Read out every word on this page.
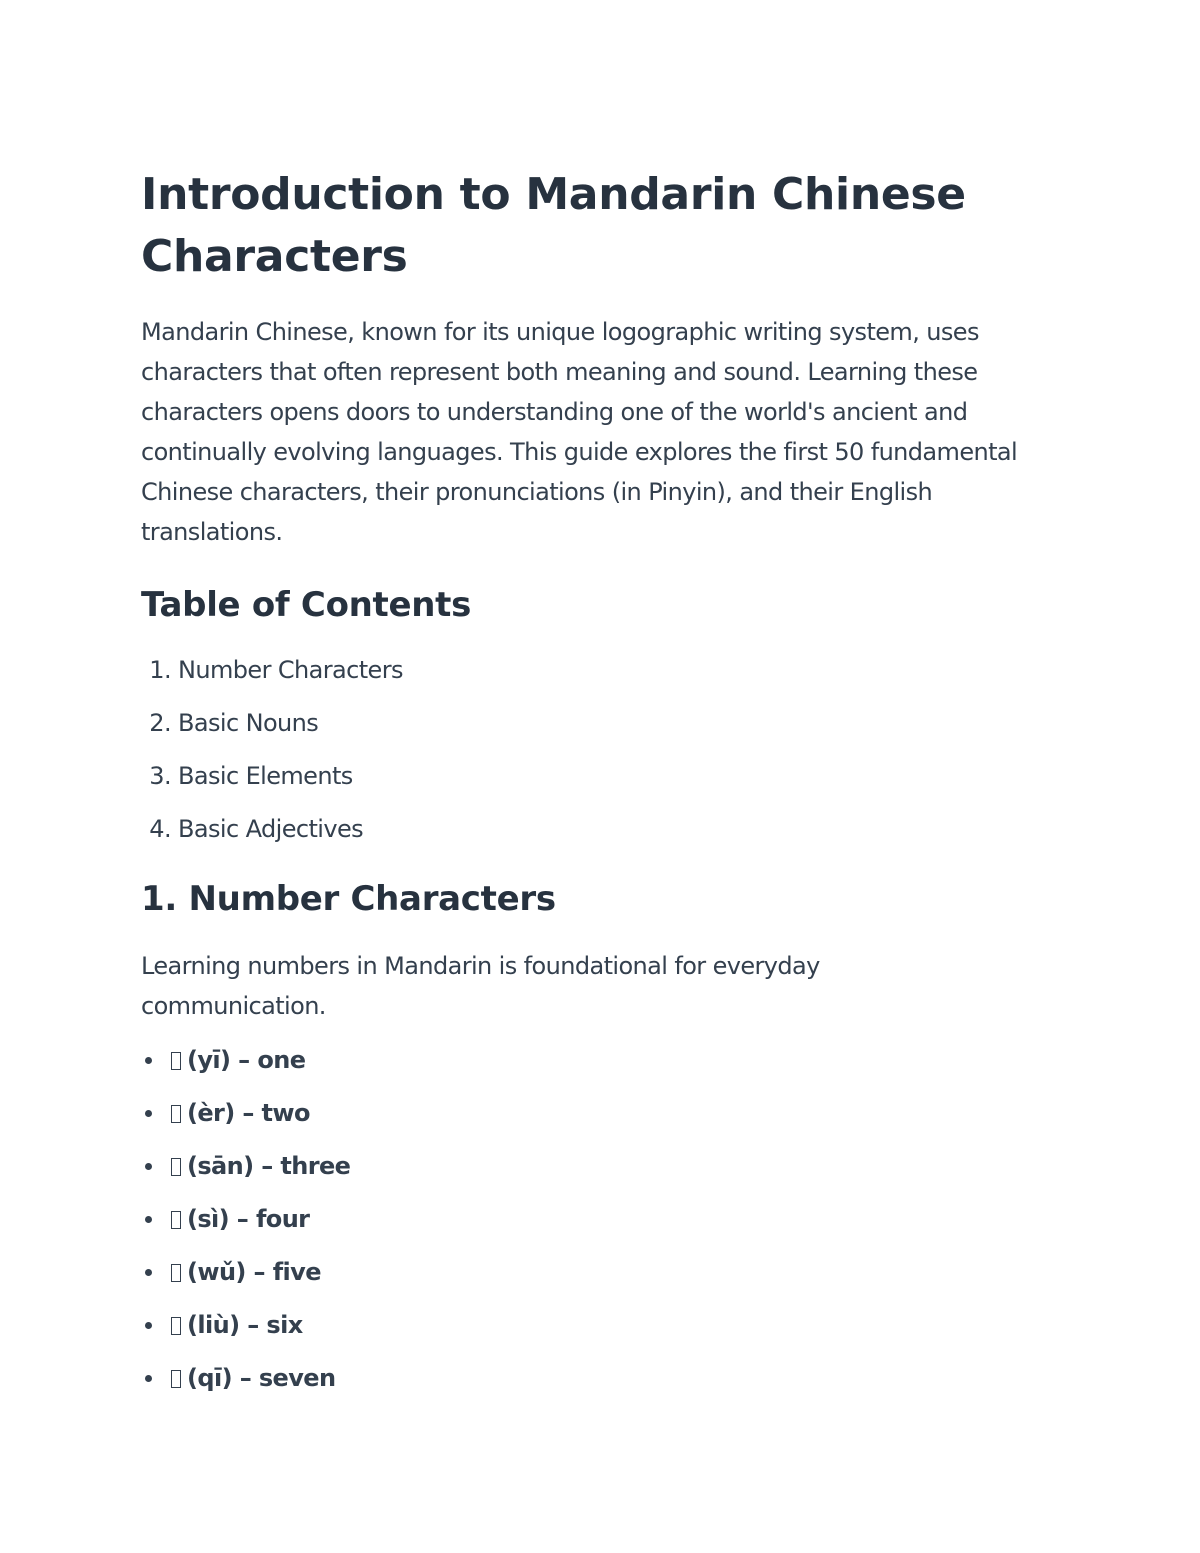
Introduction to Mandarin Chinese Characters

Mandarin Chinese, known for its unique logographic writing system, uses characters that often represent both meaning and sound. Learning these characters opens doors to understanding one of the world's ancient and continually evolving languages. This guide explores the first 50 fundamental Chinese characters, their pronunciations (in Pinyin), and their English translations.

Table of Contents
1.
Number Characters
2.
Basic Nouns
3.
Basic Elements
4.
Basic Adjectives
1. Number Characters

Learning numbers in Mandarin is foundational for everyday communication.

(yī) – one
(èr) – two
(sān) – three
(sì) – four
(wǔ) – five
(liù) – six
(qī) – seven
